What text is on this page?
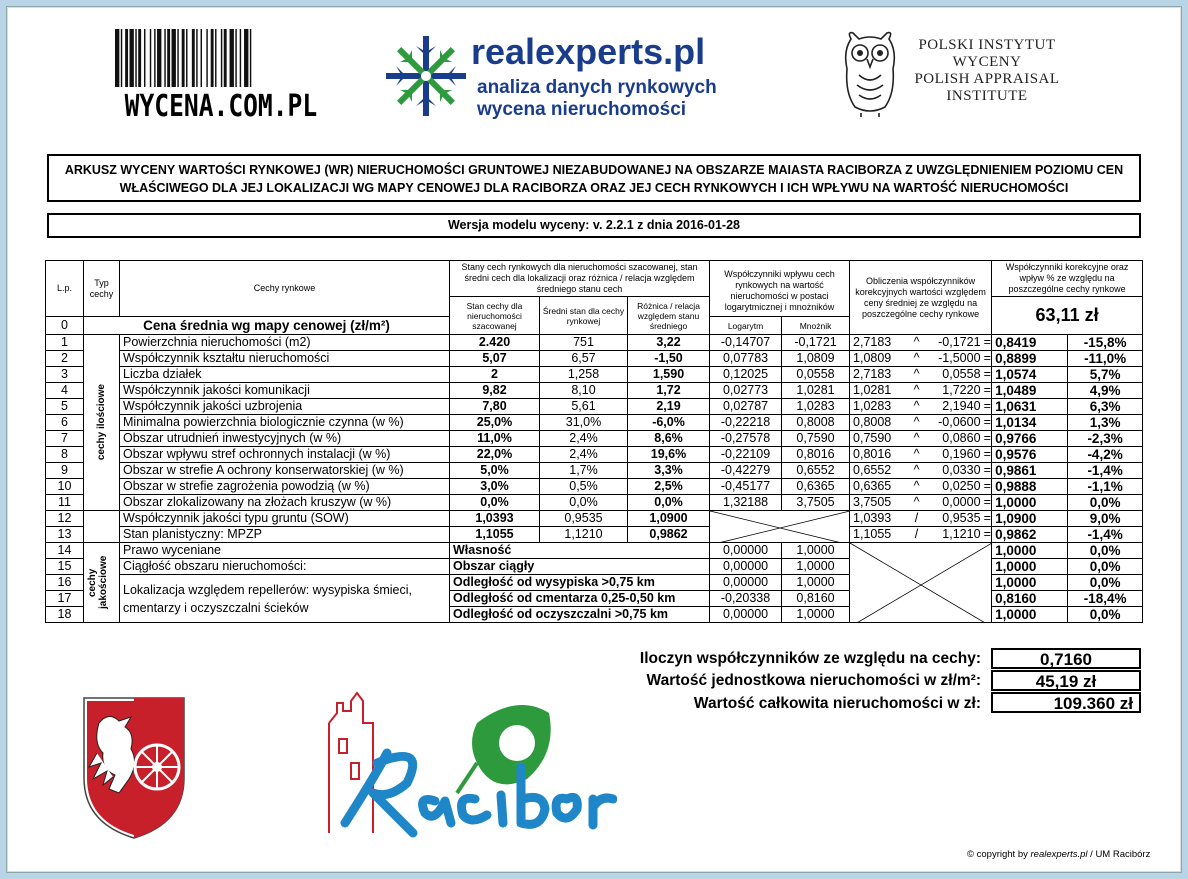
WYCENA.COM.PL
realexperts.pl
analiza danych rynkowych
wycena nieruchomości
POLSKI INSTYTUT
WYCENY
POLISH APPRAISAL
INSTITUTE
ARKUSZ WYCENY WARTOŚCI RYNKOWEJ (WR) NIERUCHOMOŚCI GRUNTOWEJ NIEZABUDOWANEJ NA OBSZARZE MAIASTA RACIBORZA Z UWZGLĘDNIENIEM POZIOMU CEN
WŁAŚCIWEGO DLA JEJ LOKALIZACJI WG MAPY CENOWEJ DLA RACIBORZA ORAZ JEJ CECH RYNKOWYCH I ICH WPŁYWU NA WARTOŚĆ NIERUCHOMOŚCI
Wersja modelu wyceny: v. 2.2.1 z dnia 2016-01-28
L.p.	Typ cechy	Cechy rynkowe	Stany cech rynkowych dla nieruchomości szacowanej, stan średni cech dla lokalizacji oraz różnica / relacja względem średniego stanu cech			Współczynniki wpływu cech rynkowych na wartość nieruchomości w postaci logarytmicznej i mnożników		Obliczenia współczynników korekcyjnych wartości względem ceny średniej ze względu na poszczególne cechy rynkowe				Współczynniki korekcyjne oraz wpływ % ze względu na poszczególne cechy rynkowe	
			Stan cechy dla nieruchomości szacowanej	Średni stan dla cechy rynkowej	Różnica / relacja względem stanu średniego							63,11 zł	
0	Cena średnia wg mapy cenowej (zł/m²)					Logarytm	Mnożnik						
1	cechy ilościowe	Powierzchnia nieruchomości (m2)	2.420	751	3,22	-0,14707	-0,1721	2,7183	^	-0,1721	=	0,8419	-15,8%
2		Współczynnik kształtu nieruchomości	5,07	6,57	-1,50	0,07783	1,0809	1,0809	^	-1,5000	=	0,8899	-11,0%
3		Liczba działek	2	1,258	1,590	0,12025	0,0558	2,7183	^	0,0558	=	1,0574	5,7%
4		Współczynnik jakości komunikacji	9,82	8,10	1,72	0,02773	1,0281	1,0281	^	1,7220	=	1,0489	4,9%
5		Współczynnik jakości uzbrojenia	7,80	5,61	2,19	0,02787	1,0283	1,0283	^	2,1940	=	1,0631	6,3%
6		Minimalna powierzchnia biologicznie czynna (w %)	25,0%	31,0%	-6,0%	-0,22218	0,8008	0,8008	^	-0,0600	=	1,0134	1,3%
7		Obszar utrudnień inwestycyjnych (w %)	11,0%	2,4%	8,6%	-0,27578	0,7590	0,7590	^	0,0860	=	0,9766	-2,3%
8		Obszar wpływu stref ochronnych instalacji (w %)	22,0%	2,4%	19,6%	-0,22109	0,8016	0,8016	^	0,1960	=	0,9576	-4,2%
9		Obszar w strefie A ochrony konserwatorskiej (w %)	5,0%	1,7%	3,3%	-0,42279	0,6552	0,6552	^	0,0330	=	0,9861	-1,4%
10		Obszar w strefie zagrożenia powodzią (w %)	3,0%	0,5%	2,5%	-0,45177	0,6365	0,6365	^	0,0250	=	0,9888	-1,1%
11		Obszar zlokalizowany na złożach kruszyw (w %)	0,0%	0,0%	0,0%	1,32188	3,7505	3,7505	^	0,0000	=	1,0000	0,0%
12		Współczynnik jakości typu gruntu (SOW)	1,0393	0,9535	1,0900			1,0393	/	0,9535	=	1,0900	9,0%
13		Stan planistyczny: MPZP	1,1055	1,1210	0,9862			1,1055	/	1,1210	=	0,9862	-1,4%
14	cechy jakościowe	Prawo wyceniane	Własność			0,00000	1,0000					1,0000	0,0%
15		Ciągłość obszaru nieruchomości:	Obszar ciągły			0,00000	1,0000					1,0000	0,0%
16		Lokalizacja względem repellerów: wysypiska śmieci, cmentarzy i oczyszczalni ścieków	Odległość od wysypiska >0,75 km			0,00000	1,0000					1,0000	0,0%
17			Odległość od cmentarza 0,25-0,50 km			-0,20338	0,8160					0,8160	-18,4%
18			Odległość od oczyszczalni >0,75 km			0,00000	1,0000					1,0000	0,0%
Iloczyn współczynników ze względu na cechy:	0,7160
Wartość jednostkowa nieruchomości w zł/m²:	45,19 zł
Wartość całkowita nieruchomości w zł:	109.360 zł
© copyright by realexperts.pl / UM Racibórz
